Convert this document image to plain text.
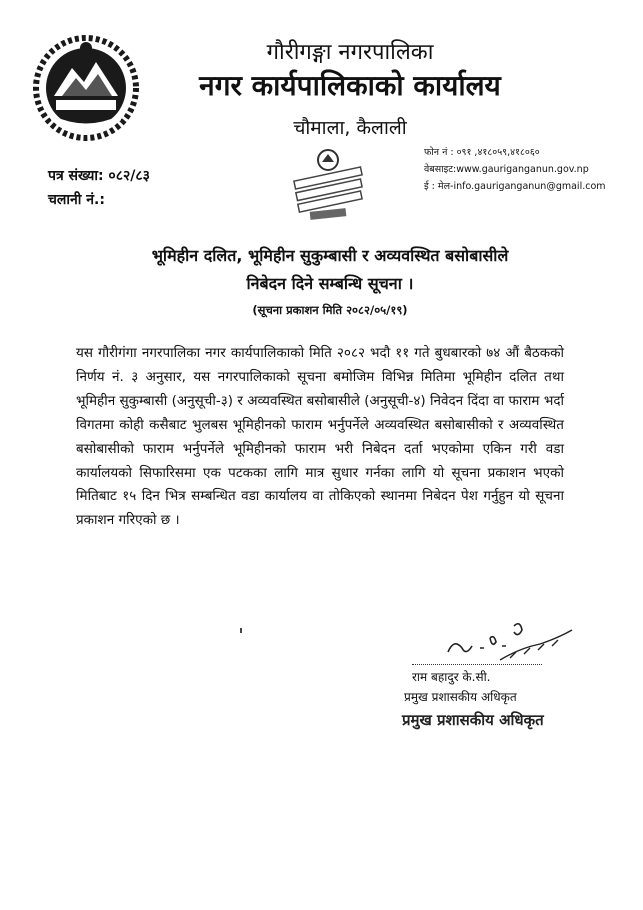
गौरीगङ्गा नगरपालिका
नगर कार्यपालिकाको कार्यालय
चौमाला, कैलाली
फोन नं : ०९१ ,४१८०५९,४१८०६०
वेबसाइट:www.gauriganganun.gov.np
ई : मेल-info.gauriganganun@gmail.com
पत्र संख्या: ०८२/८३
चलानी नं.:
भूमिहीन दलित, भूमिहीन सुकुम्बासी र अव्यवस्थित बसोबासीले
निबेदन दिने सम्बन्धि सूचना ।
(सूचना प्रकाशन मिति २०८२/०५/१९)
यस गौरीगंगा नगरपालिका नगर कार्यपालिकाको मिति २०८२ भदौ ११ गते बुधबारको ७४ औं बैठकको निर्णय नं. ३ अनुसार, यस नगरपालिकाको सूचना बमोजिम विभिन्न मितिमा भूमिहीन दलित तथा भूमिहीन सुकुम्बासी (अनुसूची-३) र अव्यवस्थित बसोबासीले (अनुसूची-४) निवेदन दिंदा वा फाराम भर्दा विगतमा कोही कसैबाट भुलबस भूमिहीनको फाराम भर्नुपर्नेले अव्यवस्थित बसोबासीको र अव्यवस्थित बसोबासीको फाराम भर्नुपर्नेले भूमिहीनको फाराम भरी निबेदन दर्ता भएकोमा एकिन गरी वडा कार्यालयको सिफारिसमा एक पटकका लागि मात्र सुधार गर्नका लागि यो सूचना प्रकाशन भएको मितिबाट १५ दिन भित्र सम्बन्धित वडा कार्यालय वा तोकिएको स्थानमा निबेदन पेश गर्नुहुन यो सूचना प्रकाशन गरिएको छ ।
राम बहादुर के.सी.
प्रमुख प्रशासकीय अधिकृत
प्रमुख प्रशासकीय अधिकृत
